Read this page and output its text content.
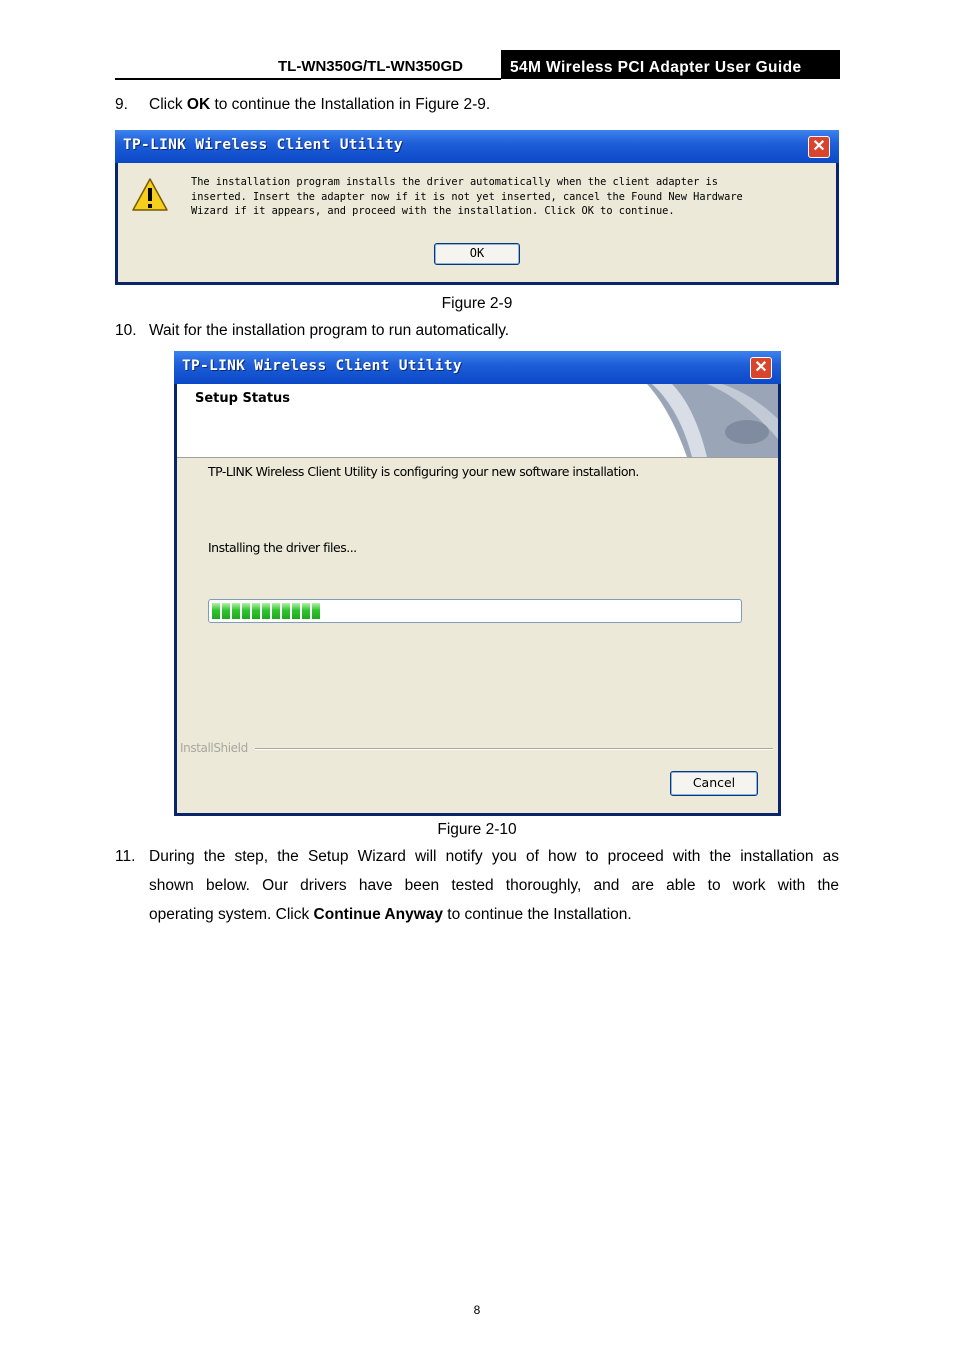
TL-WN350G/TL-WN350GD	54M Wireless PCI Adapter User Guide
9. Click OK to continue the Installation in Figure 2-9.
TP-LINK Wireless Client Utility	✕
The installation program installs the driver automatically when the client adapter is
inserted. Insert the adapter now if it is not yet inserted, cancel the Found New Hardware
Wizard if it appears, and proceed with the installation. Click OK to continue.
OK
Figure 2-9
10. Wait for the installation program to run automatically.
TP-LINK Wireless Client Utility	✕
Setup Status
TP-LINK Wireless Client Utility is configuring your new software installation.
Installing the driver files...
InstallShield
Cancel
Figure 2-10
11. During the step, the Setup Wizard will notify you of how to proceed with the installation as
shown below. Our drivers have been tested thoroughly, and are able to work with the
operating system. Click Continue Anyway to continue the Installation.
8
